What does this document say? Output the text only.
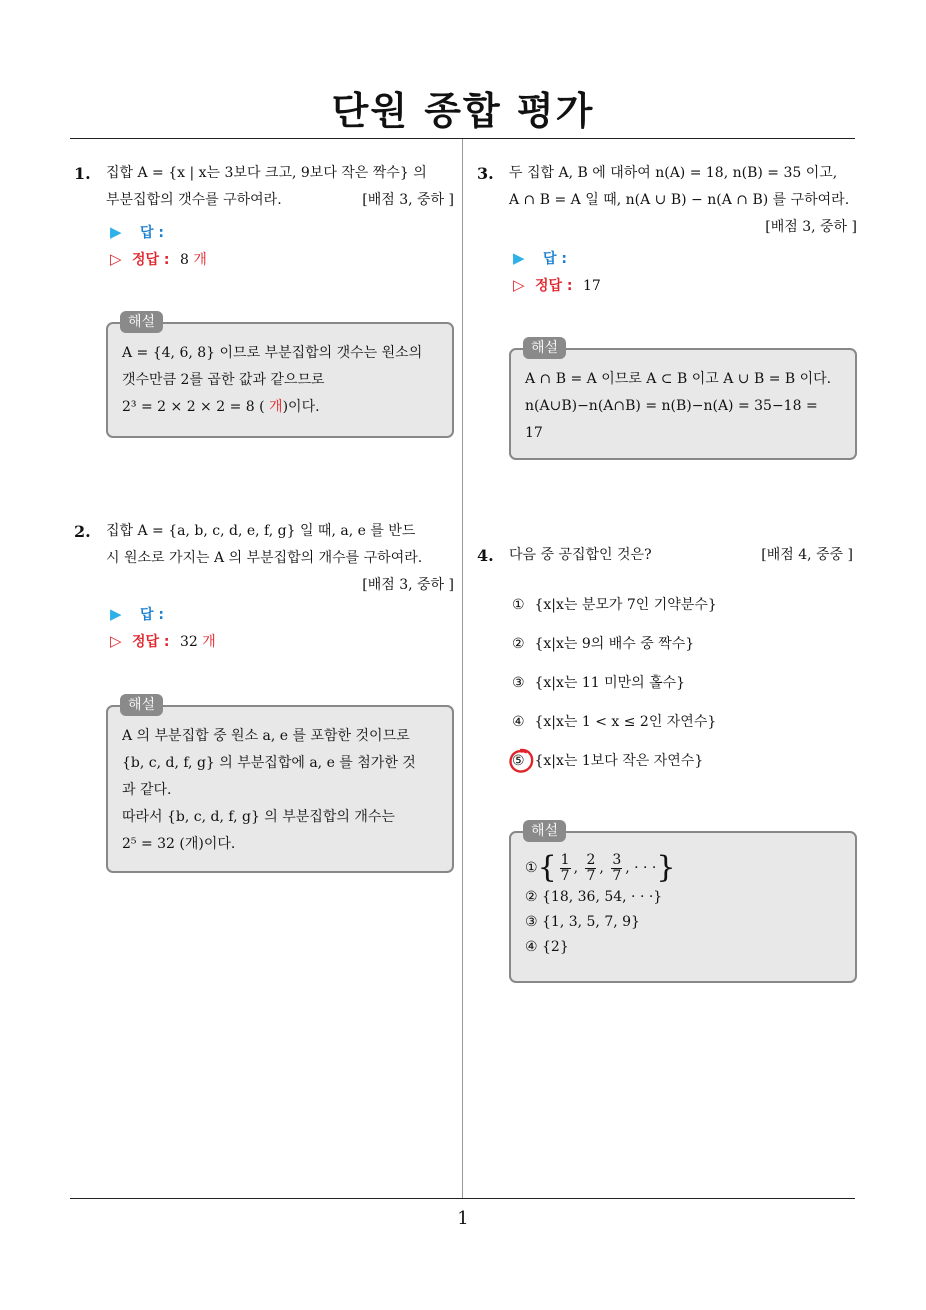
단원 종합 평가
1. 집합 A = {x | x는 3보다 크고, 9보다 작은 짝수} 의
부분집합의 갯수를 구하여라.	[배점 3, 중하 ]
▶ 답 :
▷ 정답 : 8 개
해설
A = {4, 6, 8} 이므로 부분집합의 갯수는 원소의
갯수만큼 2를 곱한 값과 같으므로
2³ = 2 × 2 × 2 = 8 ( 개)이다.
2. 집합 A = {a, b, c, d, e, f, g} 일 때, a, e 를 반드
시 원소로 가지는 A 의 부분집합의 개수를 구하여라.
[배점 3, 중하 ]
▶ 답 :
▷ 정답 : 32 개
해설
A 의 부분집합 중 원소 a, e 를 포함한 것이므로
{b, c, d, f, g} 의 부분집합에 a, e 를 첨가한 것
과 같다.
따라서 {b, c, d, f, g} 의 부분집합의 개수는
2⁵ = 32 (개)이다.
3. 두 집합 A, B 에 대하여 n(A) = 18, n(B) = 35 이고,
A ∩ B = A 일 때, n(A ∪ B) − n(A ∩ B) 를 구하여라.
[배점 3, 중하 ]
▶ 답 :
▷ 정답 : 17
해설
A ∩ B = A 이므로 A ⊂ B 이고 A ∪ B = B 이다.
n(A∪B)−n(A∩B) = n(B)−n(A) = 35−18 =
17
4. 다음 중 공집합인 것은?	[배점 4, 중중 ]
① {x|x는 분모가 7인 기약분수}
② {x|x는 9의 배수 중 짝수}
③ {x|x는 11 미만의 홀수}
④ {x|x는 1 < x ≤ 2인 자연수}
⑤ {x|x는 1보다 작은 자연수}
해설
①{ $\frac{1}{7}$ , $\frac{2}{7}$ , $\frac{3}{7}$ , · · ·}
② {18, 36, 54, · · ·}
③ {1, 3, 5, 7, 9}
④ {2}
1
